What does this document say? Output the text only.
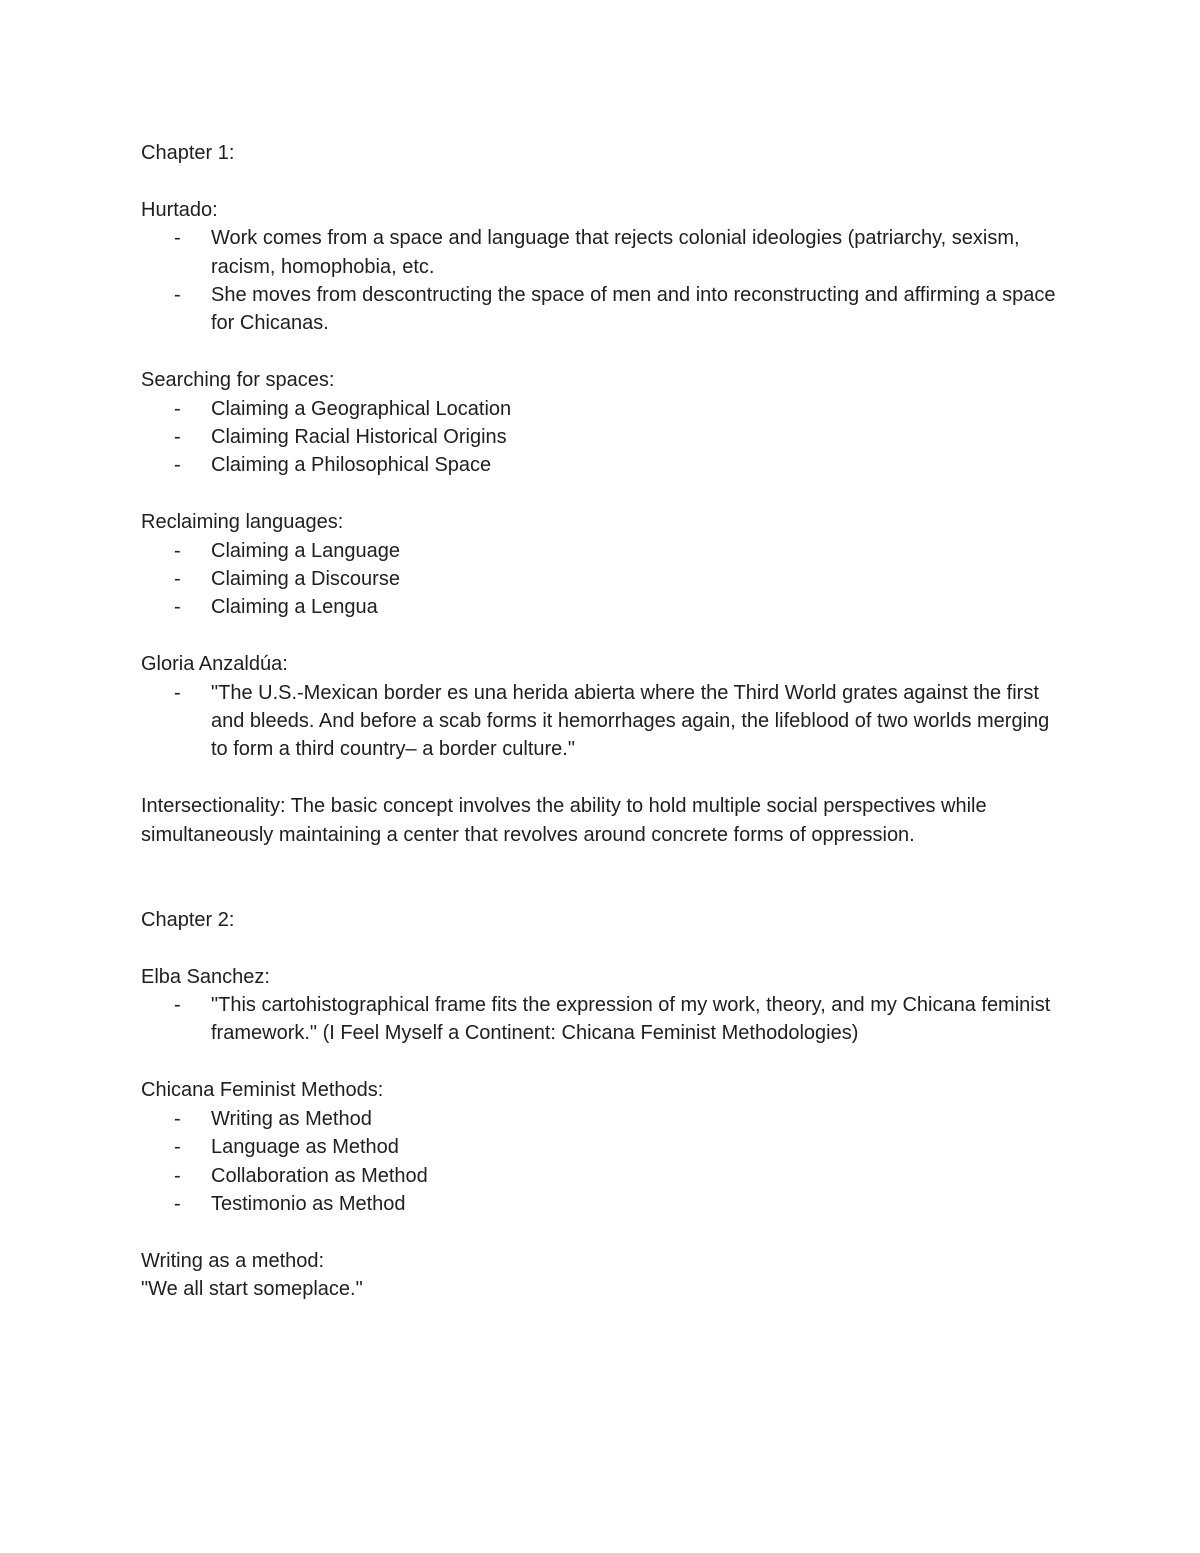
Chapter 1:

Hurtado:

- Work comes from a space and language that rejects colonial ideologies (patriarchy, sexism, racism, homophobia, etc.
- She moves from descontructing the space of men and into reconstructing and affirming a space for Chicanas.

Searching for spaces:

- Claiming a Geographical Location
- Claiming Racial Historical Origins
- Claiming a Philosophical Space

Reclaiming languages:

- Claiming a Language
- Claiming a Discourse
- Claiming a Lengua

Gloria Anzaldúa:

- "The U.S.-Mexican border es una herida abierta where the Third World grates against the first and bleeds. And before a scab forms it hemorrhages again, the lifeblood of two worlds merging to form a third country– a border culture."

Intersectionality: The basic concept involves the ability to hold multiple social perspectives while simultaneously maintaining a center that revolves around concrete forms of oppression.

Chapter 2:

Elba Sanchez:

- "This cartohistographical frame fits the expression of my work, theory, and my Chicana feminist framework." (I Feel Myself a Continent: Chicana Feminist Methodologies)

Chicana Feminist Methods:

- Writing as Method
- Language as Method
- Collaboration as Method
- Testimonio as Method

Writing as a method:

"We all start someplace."
